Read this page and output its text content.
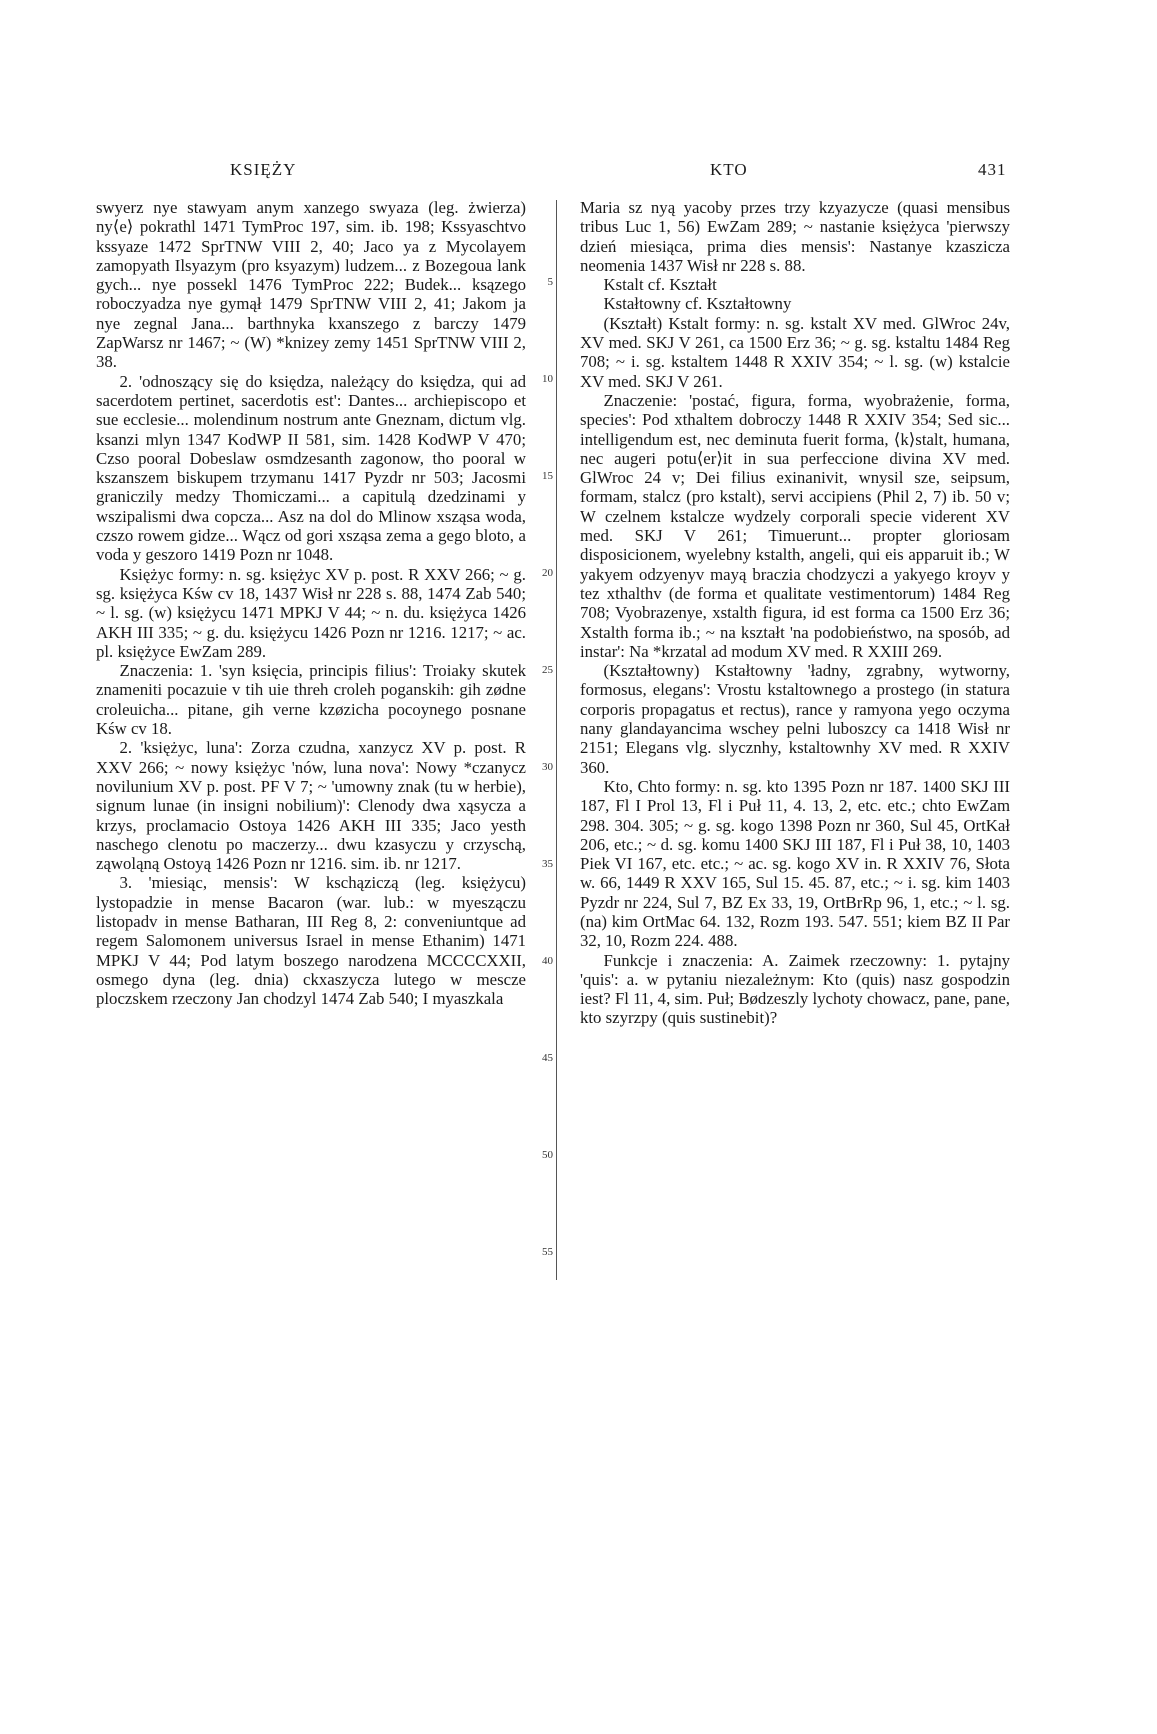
KSIĘŻY	KTO	431
5
10
15
20
25
30
35
40
45
50
55

swyerz nye stawyam anym xanzego swyaza (leg. żwierza) ny⟨e⟩ pokrathl 1471 TymProc 197, sim. ib. 198; Kssyaschtvo kssyaze 1472 SprTNW VIII 2, 40; Jaco ya z Mycolayem zamopyath Ilsyazym (pro ksyazym) ludzem... z Bozegoua lank gych... nye possekl 1476 TymProc 222; Budek... ksązego roboczyadza nye gymął 1479 SprTNW VIII 2, 41; Jakom ja nye zegnal Jana... barthnyka kxanszego z barczy 1479 ZapWarsz nr 1467; ~ (W) *knizey zemy 1451 SprTNW VIII 2, 38.

2. 'odnoszący się do księdza, należący do księdza, qui ad sacerdotem pertinet, sacerdotis est': Dantes... archiepiscopo et sue ecclesie... molendinum nostrum ante Gneznam, dictum vlg. ksanzi mlyn 1347 KodWP II 581, sim. 1428 KodWP V 470; Czso pooral Dobeslaw osmdzesanth zagonow, tho pooral w kszanszem biskupem trzymanu 1417 Pyzdr nr 503; Jacosmi graniczily medzy Thomiczami... a capitulą dzedzinami y wszipalismi dwa copcza... Asz na dol do Mlinow xsząsa woda, czszo rowem gidze... Wącz od gori xsząsa zema a gego bloto, a voda y geszoro 1419 Pozn nr 1048.

Księżyc formy: n. sg. księżyc XV p. post. R XXV 266; ~ g. sg. księżyca Kśw cv 18, 1437 Wisł nr 228 s. 88, 1474 Zab 540; ~ l. sg. (w) księżycu 1471 MPKJ V 44; ~ n. du. księżyca 1426 AKH III 335; ~ g. du. księżycu 1426 Pozn nr 1216. 1217; ~ ac. pl. księżyce EwZam 289.

Znaczenia: 1. 'syn księcia, principis filius': Troiaky skutek znameniti pocazuie v tih uie threh croleh poganskih: gih zødne croleuicha... pitane, gih verne kzøzicha pocoynego posnane Kśw cv 18.

2. 'księżyc, luna': Zorza czudna, xanzycz XV p. post. R XXV 266; ~ nowy księżyc 'nów, luna nova': Nowy *czanycz novilunium XV p. post. PF V 7; ~ 'umowny znak (tu w herbie), signum lunae (in insigni nobilium)': Clenody dwa xąsycza a krzys, proclamacio Ostoya 1426 AKH III 335; Jaco yesth naschego clenotu po maczerzy... dwu kzasyczu y crzyschą, ząwoląną Ostoyą 1426 Pozn nr 1216. sim. ib. nr 1217.

3. 'miesiąc, mensis': W kschąziczą (leg. księżycu) lystopadzie in mense Bacaron (war. lub.: w myeszączu listopadv in mense Batharan, III Reg 8, 2: conveniuntque ad regem Salomonem universus Israel in mense Ethanim) 1471 MPKJ V 44; Pod latym boszego narodzena MCCCCXXII, osmego dyna (leg. dnia) ckxaszycza lutego w mescze ploczskem rzeczony Jan chodzyl 1474 Zab 540; I myaszkala

Maria sz nyą yacoby przes trzy kzyazycze (quasi mensibus tribus Luc 1, 56) EwZam 289; ~ nastanie księżyca 'pierwszy dzień miesiąca, prima dies mensis': Nastanye kzaszicza neomenia 1437 Wisł nr 228 s. 88.

Kstalt cf. Kształt

Kstałtowny cf. Kształtowny

(Kształt) Kstalt formy: n. sg. kstalt XV med. GlWroc 24v, XV med. SKJ V 261, ca 1500 Erz 36; ~ g. sg. kstaltu 1484 Reg 708; ~ i. sg. kstaltem 1448 R XXIV 354; ~ l. sg. (w) kstalcie XV med. SKJ V 261.

Znaczenie: 'postać, figura, forma, wyobrażenie, forma, species': Pod xthaltem dobroczy 1448 R XXIV 354; Sed sic... intelligendum est, nec deminuta fuerit forma, ⟨k⟩stalt, humana, nec augeri potu⟨er⟩it in sua perfeccione divina XV med. GlWroc 24 v; Dei filius exinanivit, wnysil sze, seipsum, formam, stalcz (pro kstalt), servi accipiens (Phil 2, 7) ib. 50 v; W czelnem kstalcze wydzely corporali specie viderent XV med. SKJ V 261; Timuerunt... propter gloriosam disposicionem, wyelebny kstalth, angeli, qui eis apparuit ib.; W yakyem odzyenyv mayą braczia chodzyczi a yakyego kroyv y tez xthalthv (de forma et qualitate vestimentorum) 1484 Reg 708; Vyobrazenye, xstalth figura, id est forma ca 1500 Erz 36; Xstalth forma ib.; ~ na kształt 'na podobieństwo, na sposób, ad instar': Na *krzatal ad modum XV med. R XXIII 269.

(Kształtowny) Kstałtowny 'ładny, zgrabny, wytworny, formosus, elegans': Vrostu kstaltownego a prostego (in statura corporis propagatus et rectus), rance y ramyona yego oczyma nany glandayancima wschey pelni luboszcy ca 1418 Wisł nr 2151; Elegans vlg. slycznhy, kstaltownhy XV med. R XXIV 360.

Kto, Chto formy: n. sg. kto 1395 Pozn nr 187. 1400 SKJ III 187, Fl I Prol 13, Fl i Puł 11, 4. 13, 2, etc. etc.; chto EwZam 298. 304. 305; ~ g. sg. kogo 1398 Pozn nr 360, Sul 45, OrtKał 206, etc.; ~ d. sg. komu 1400 SKJ III 187, Fl i Puł 38, 10, 1403 Piek VI 167, etc. etc.; ~ ac. sg. kogo XV in. R XXIV 76, Słota w. 66, 1449 R XXV 165, Sul 15. 45. 87, etc.; ~ i. sg. kim 1403 Pyzdr nr 224, Sul 7, BZ Ex 33, 19, OrtBrRp 96, 1, etc.; ~ l. sg. (na) kim OrtMac 64. 132, Rozm 193. 547. 551; kiem BZ II Par 32, 10, Rozm 224. 488.

Funkcje i znaczenia: A. Zaimek rzeczowny: 1. pytajny 'quis': a. w pytaniu niezależnym: Kto (quis) nasz gospodzin iest? Fl 11, 4, sim. Puł; Bødzeszly lychoty chowacz, pane, pane, kto szyrzpy (quis sustinebit)?
